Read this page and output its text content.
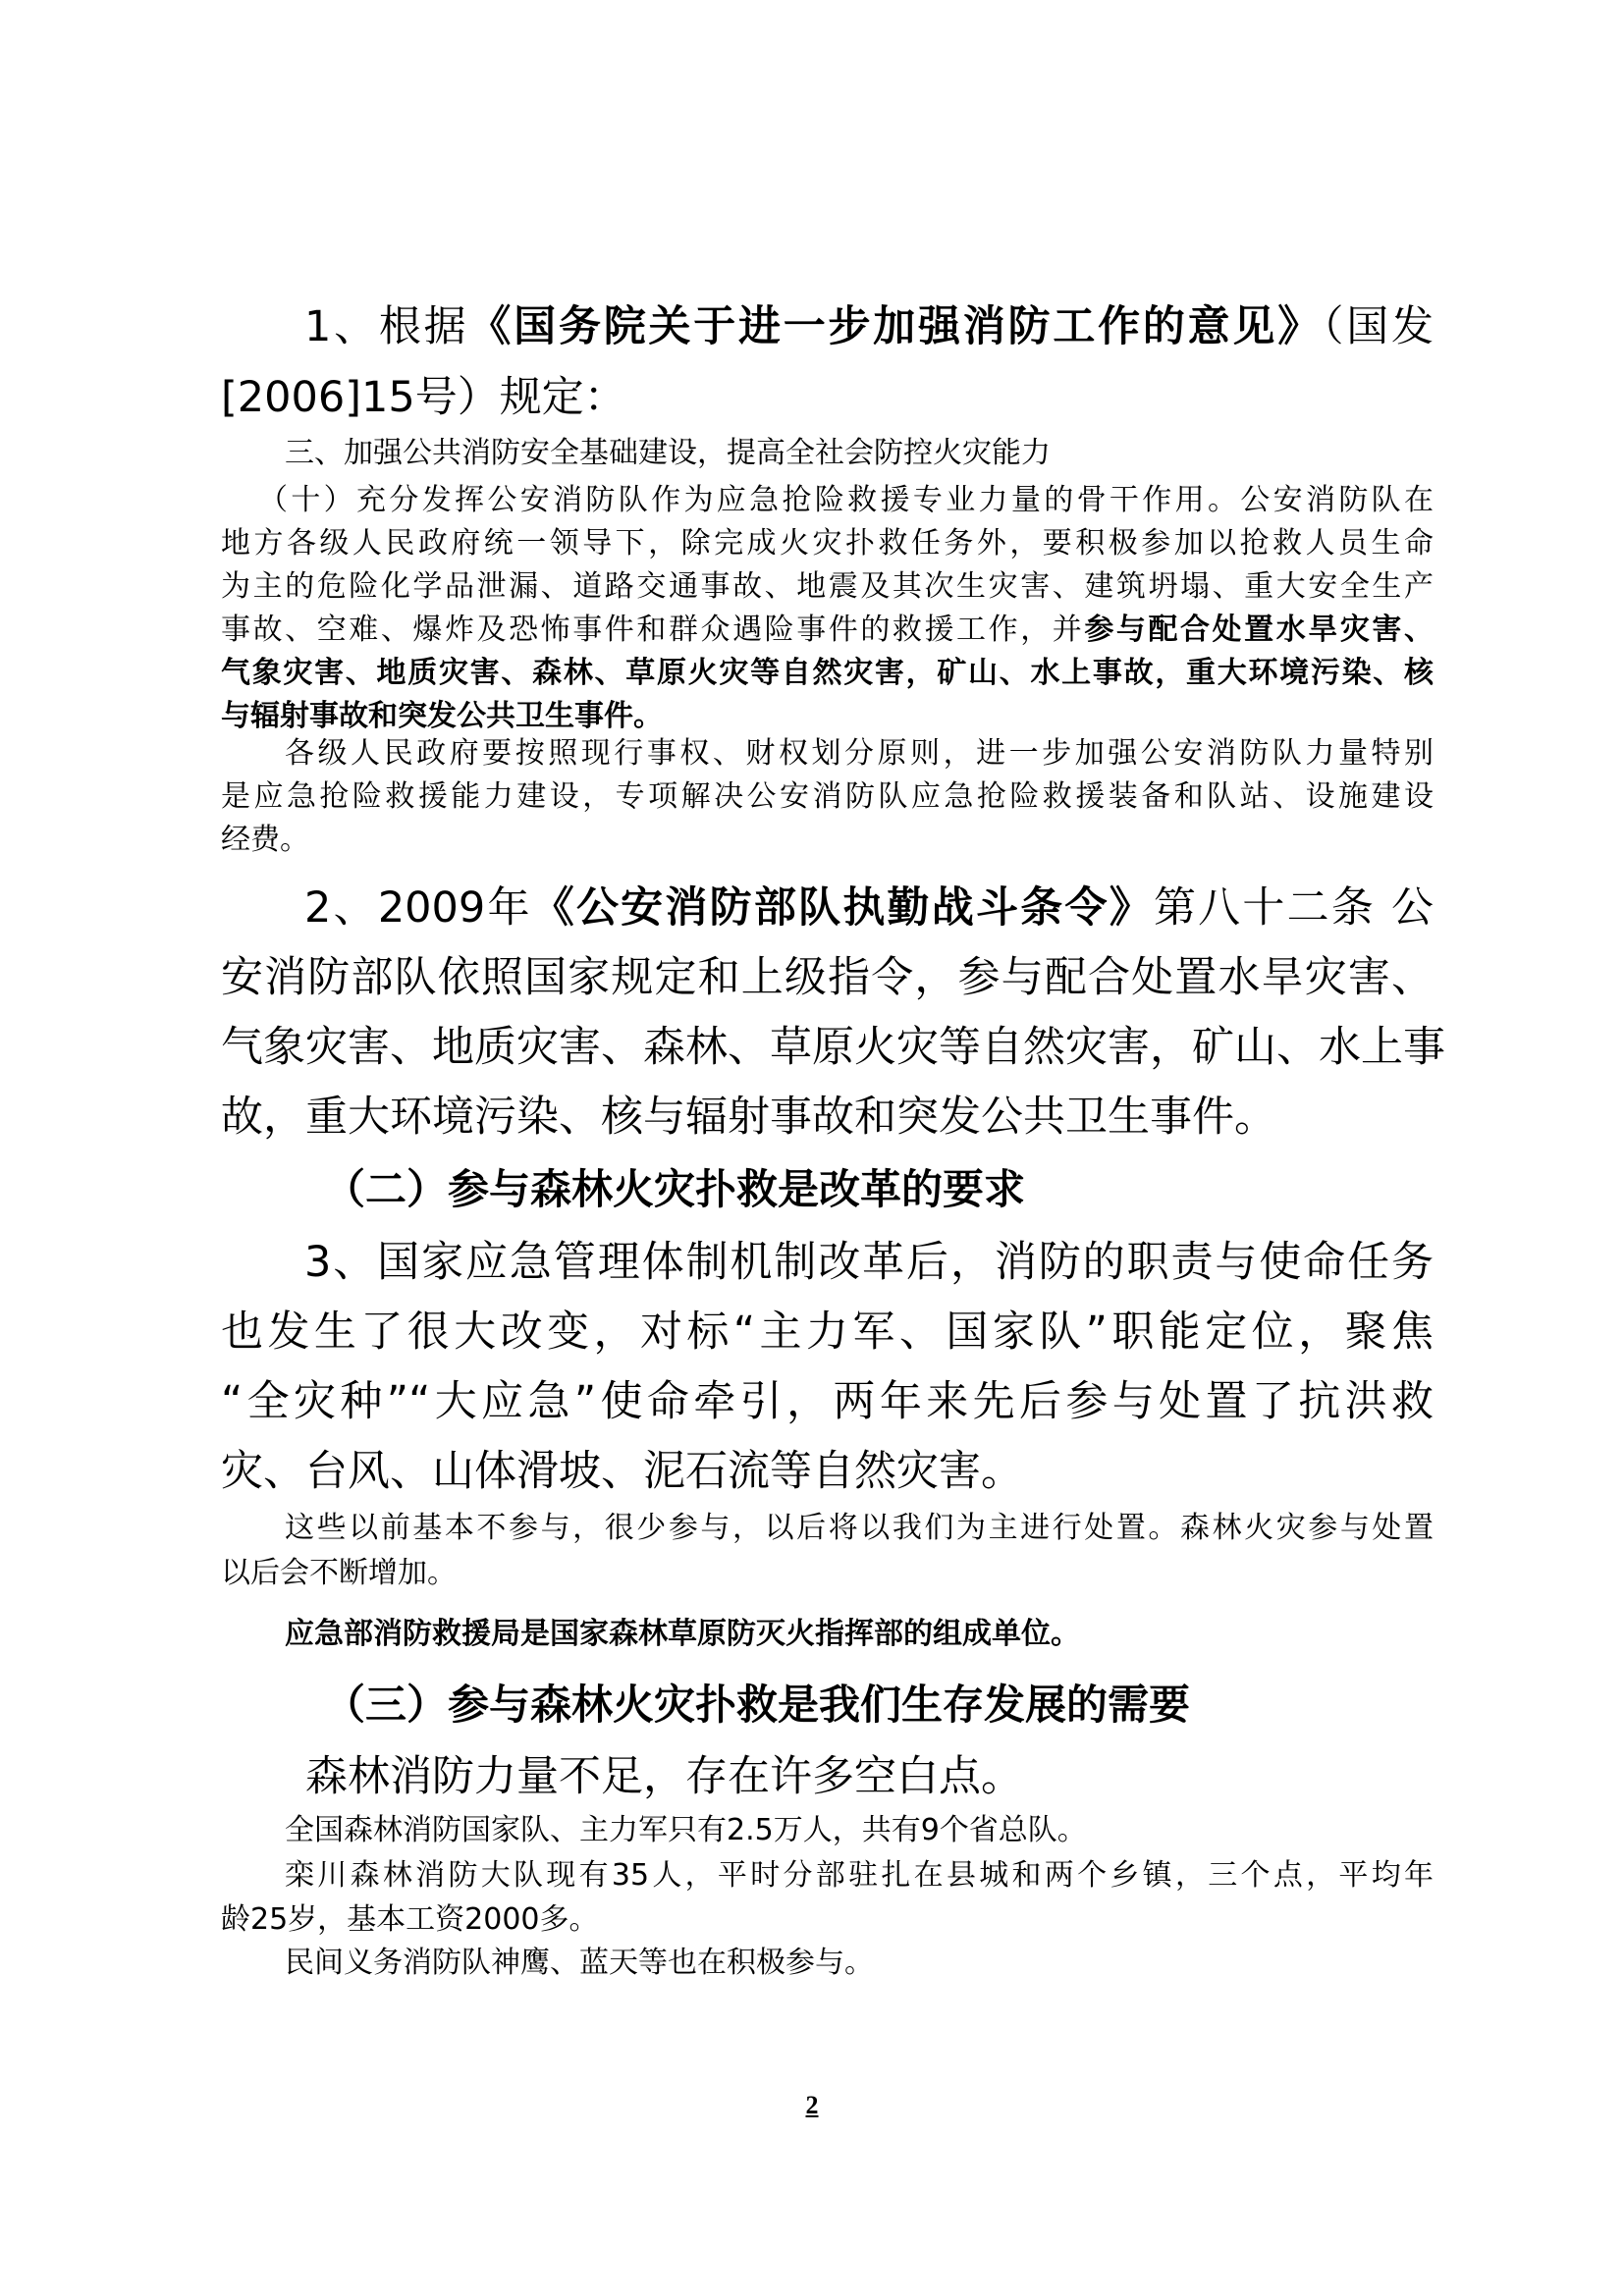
1、根据《国务院关于进一步加强消防工作的意见》（国发
[2006]15号）规定：
三、加强公共消防安全基础建设，提高全社会防控火灾能力
（十）充分发挥公安消防队作为应急抢险救援专业力量的骨干作用。公安消防队在
地方各级人民政府统一领导下，除完成火灾扑救任务外，要积极参加以抢救人员生命
为主的危险化学品泄漏、道路交通事故、地震及其次生灾害、建筑坍塌、重大安全生产
事故、空难、爆炸及恐怖事件和群众遇险事件的救援工作，并参与配合处置水旱灾害、
气象灾害、地质灾害、森林、草原火灾等自然灾害，矿山、水上事故，重大环境污染、核
与辐射事故和突发公共卫生事件。
各级人民政府要按照现行事权、财权划分原则，进一步加强公安消防队力量特别
是应急抢险救援能力建设，专项解决公安消防队应急抢险救援装备和队站、设施建设
经费。
2、2009年《公安消防部队执勤战斗条令》第八十二条 公
安消防部队依照国家规定和上级指令，参与配合处置水旱灾害、
气象灾害、地质灾害、森林、草原火灾等自然灾害，矿山、水上事
故，重大环境污染、核与辐射事故和突发公共卫生事件。
（二）参与森林火灾扑救是改革的要求
3、国家应急管理体制机制改革后，消防的职责与使命任务
也发生了很大改变，对标“主力军、国家队”职能定位，聚焦
“全灾种”“大应急”使命牵引，两年来先后参与处置了抗洪救
灾、台风、山体滑坡、泥石流等自然灾害。
这些以前基本不参与，很少参与，以后将以我们为主进行处置。森林火灾参与处置
以后会不断增加。
应急部消防救援局是国家森林草原防灭火指挥部的组成单位。
（三）参与森林火灾扑救是我们生存发展的需要
森林消防力量不足，存在许多空白点。
全国森林消防国家队、主力军只有2.5万人，共有9个省总队。
栾川森林消防大队现有35人，平时分部驻扎在县城和两个乡镇，三个点，平均年
龄25岁，基本工资2000多。
民间义务消防队神鹰、蓝天等也在积极参与。
2
